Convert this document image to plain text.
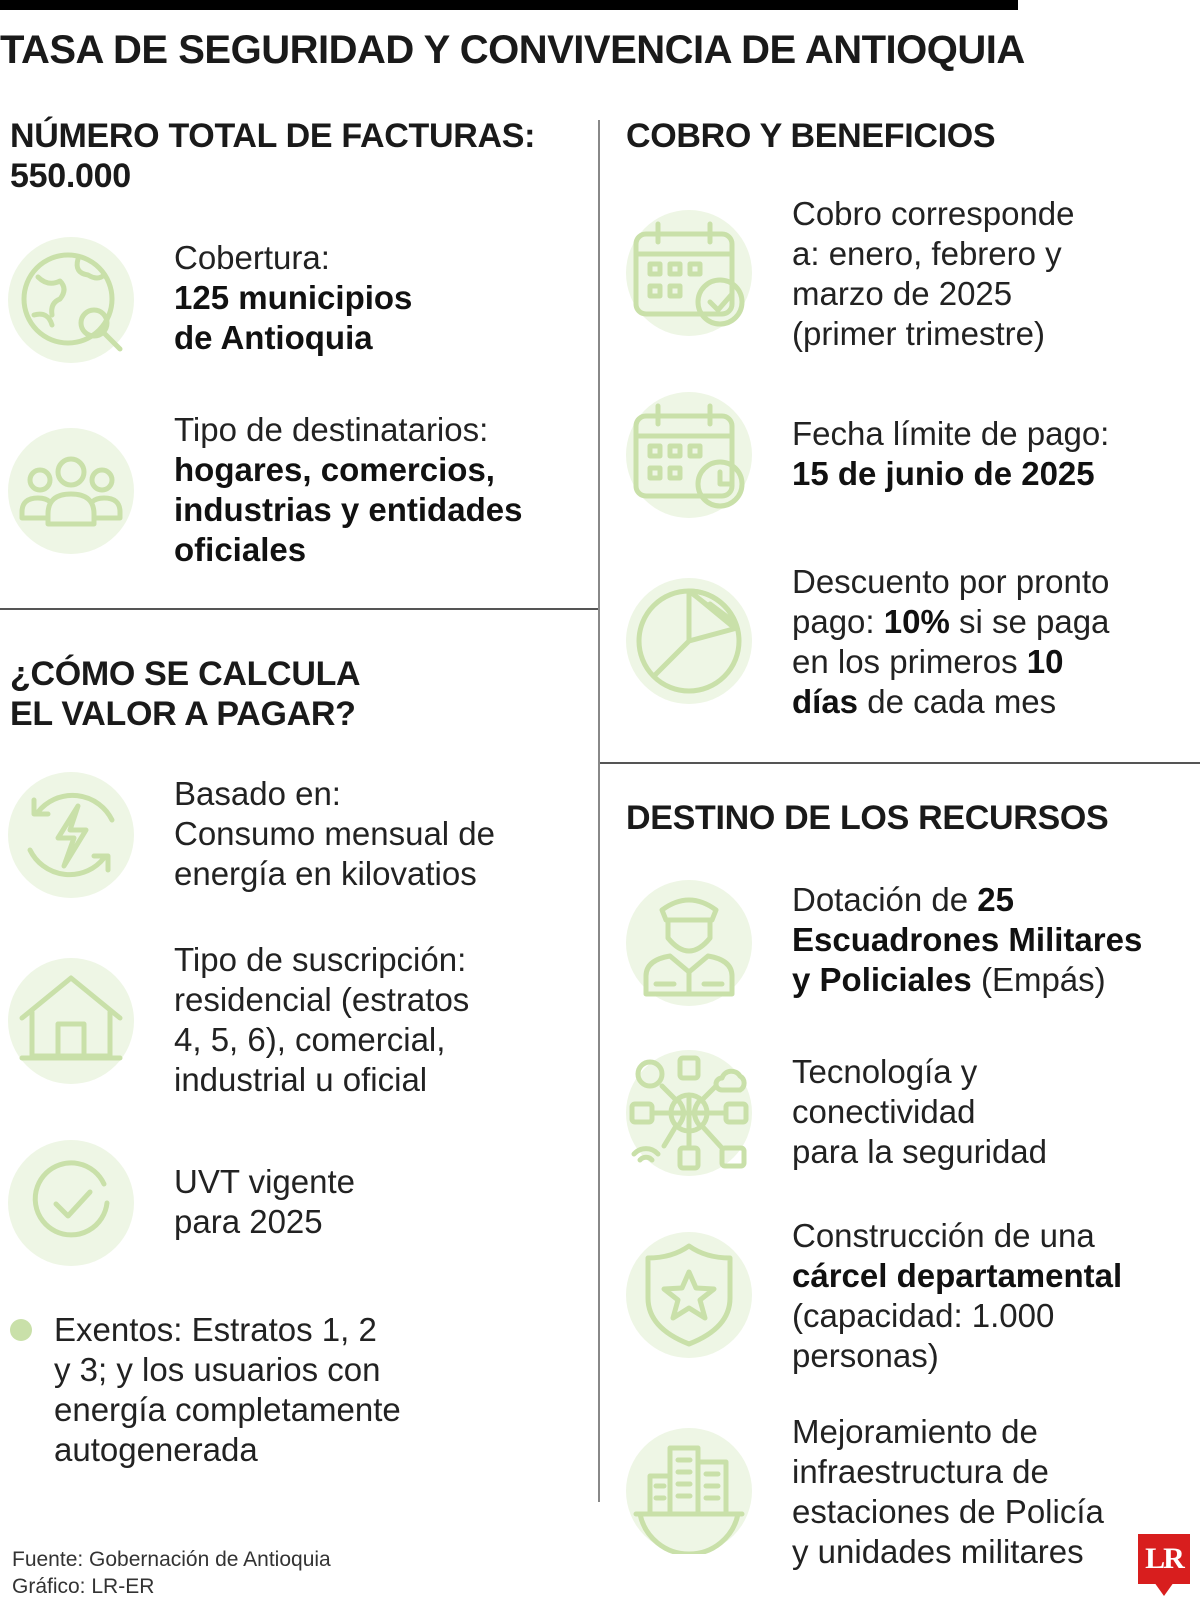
TASA DE SEGURIDAD Y CONVIVENCIA DE ANTIOQUIA
NÚMERO TOTAL DE FACTURAS:
550.000
Cobertura:
125 municipios
de Antioquia
Tipo de destinatarios:
hogares, comercios,
industrias y entidades
oficiales
¿CÓMO SE CALCULA
EL VALOR A PAGAR?
Basado en:
Consumo mensual de
energía en kilovatios
Tipo de suscripción:
residencial (estratos
4, 5, 6), comercial,
industrial u oficial
UVT vigente
para 2025
Exentos: Estratos 1, 2
y 3; y los usuarios con
energía completamente
autogenerada
COBRO Y BENEFICIOS
Cobro corresponde
a: enero, febrero y
marzo de 2025
(primer trimestre)
Fecha límite de pago:
15 de junio de 2025
Descuento por pronto
pago: 10% si se paga
en los primeros 10
días de cada mes
DESTINO DE LOS RECURSOS
Dotación de 25
Escuadrones Militares
y Policiales (Empás)
Tecnología y
conectividad
para la seguridad
Construcción de una
cárcel departamental
(capacidad: 1.000
personas)
Mejoramiento de
infraestructura de
estaciones de Policía
y unidades militares
Fuente: Gobernación de Antioquia
Gráfico: LR-ER
LR
